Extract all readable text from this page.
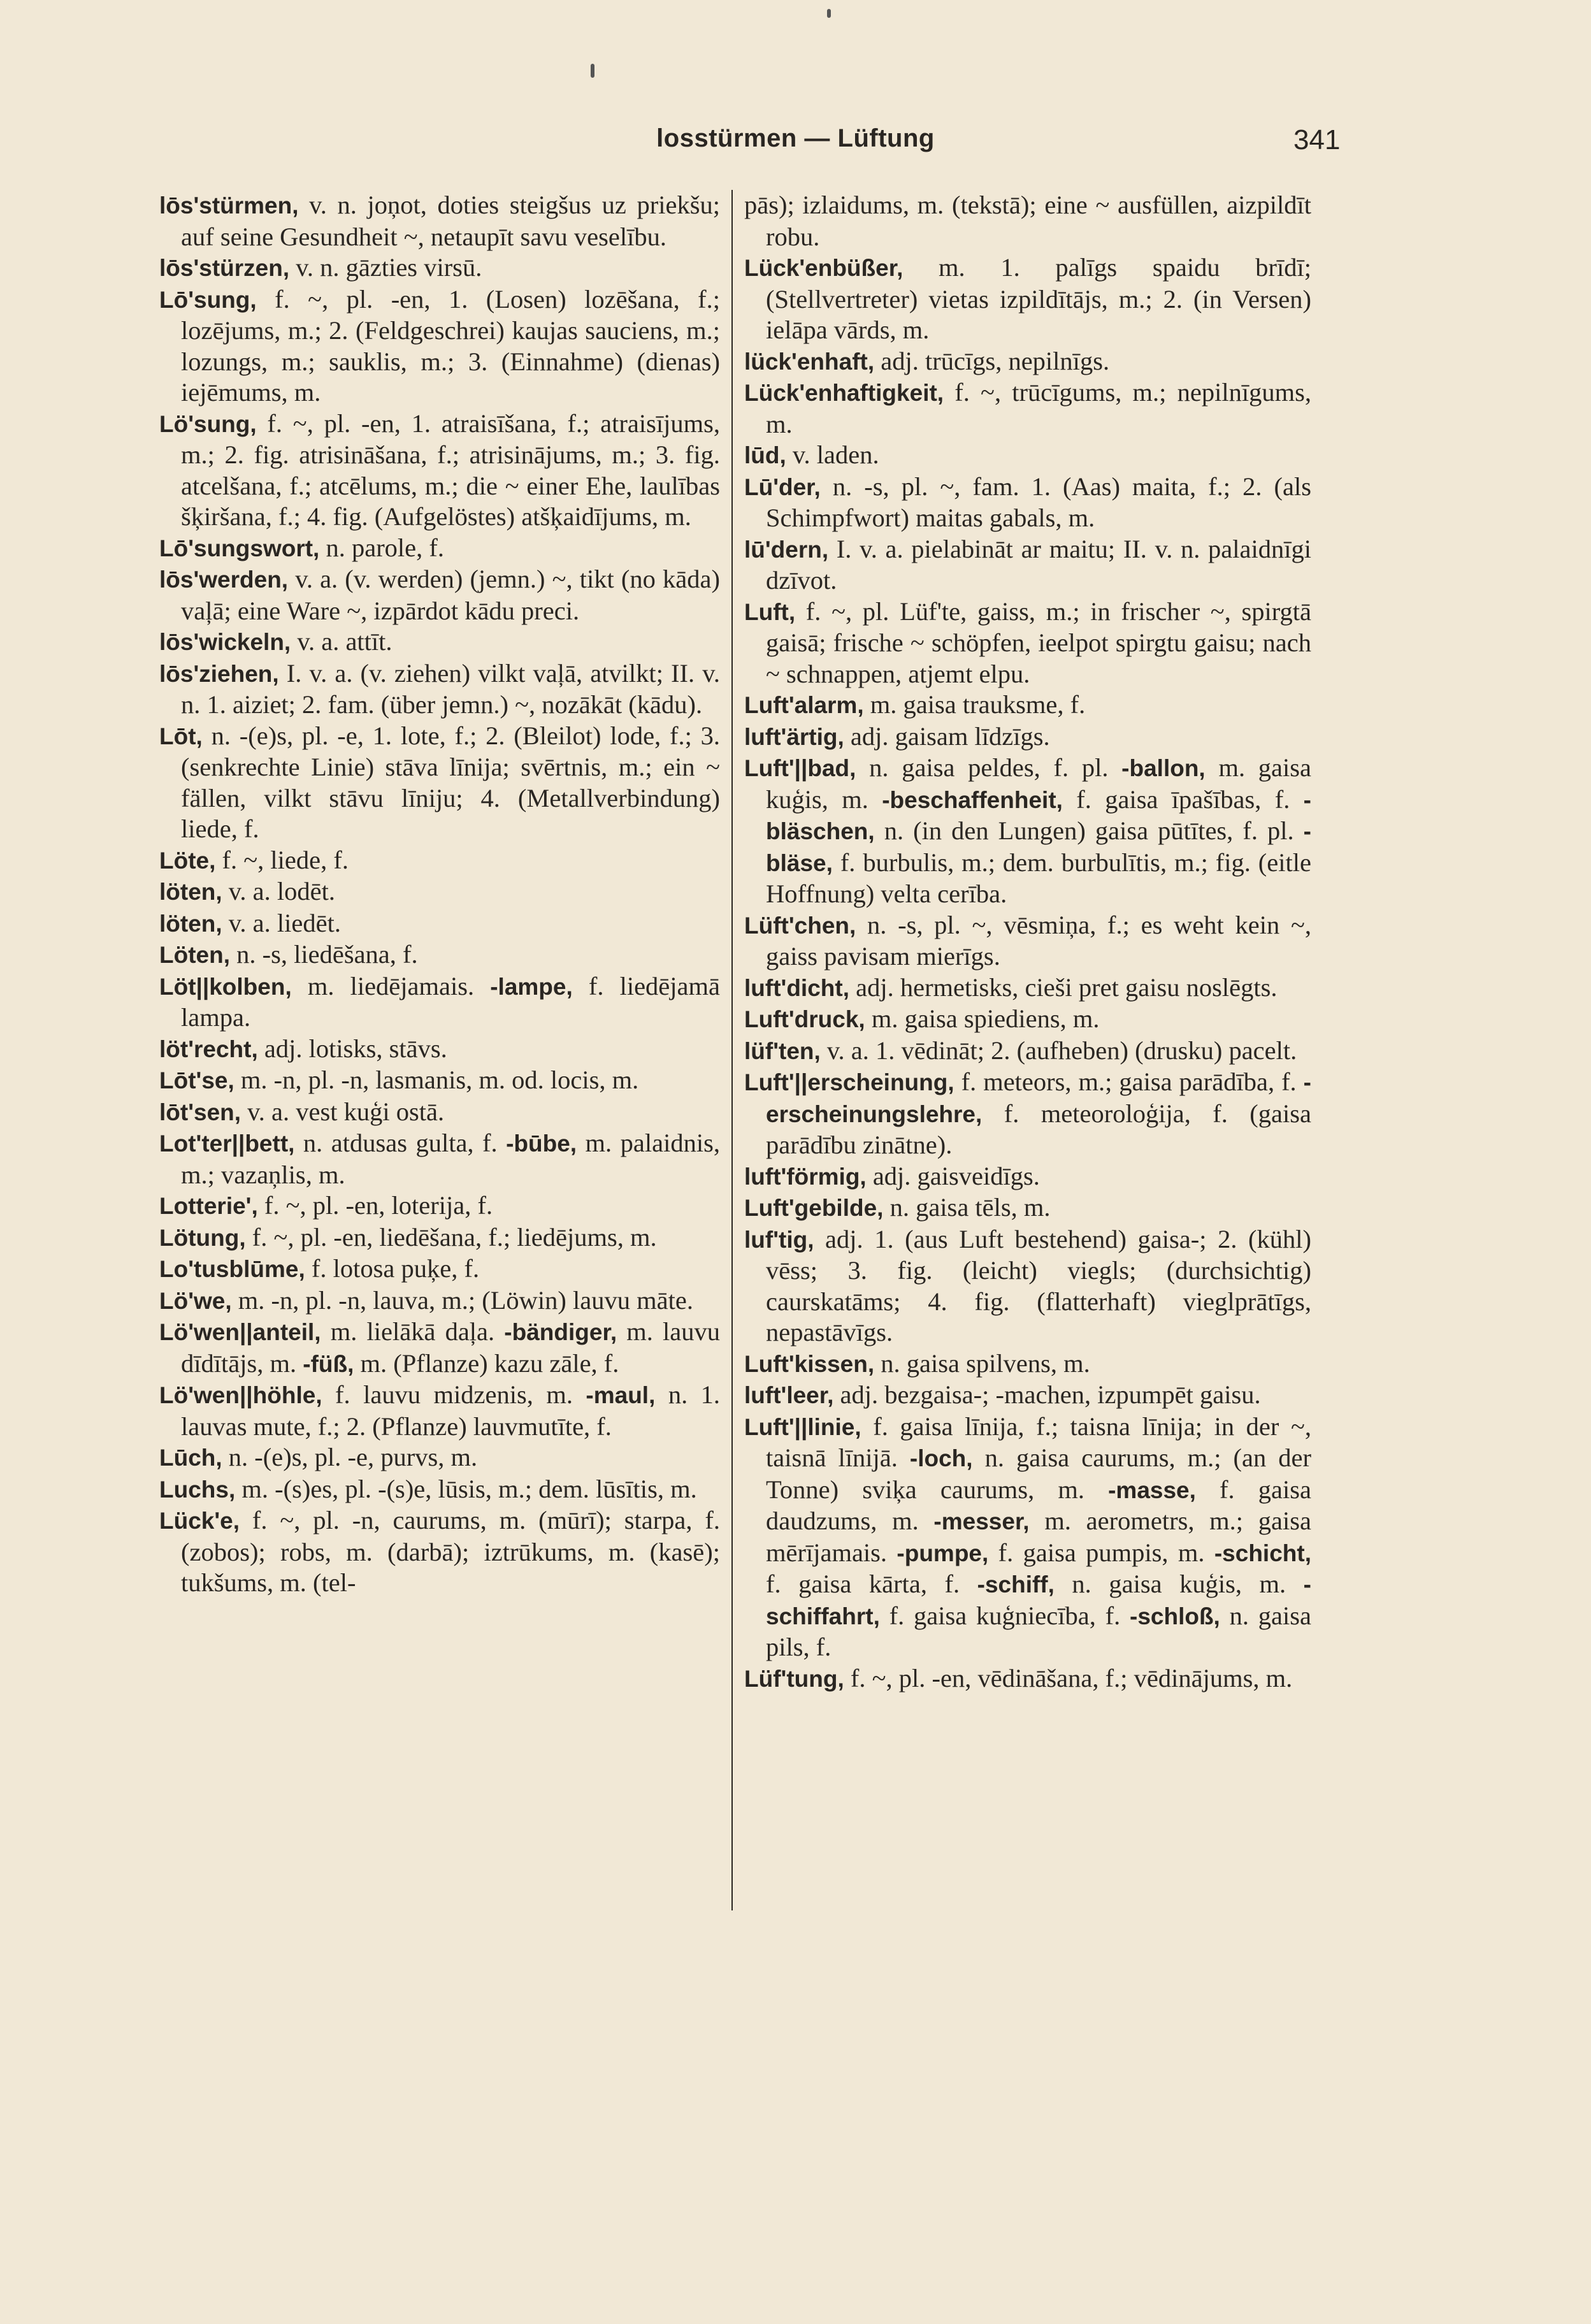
losstürmen — Lüftung	341

lōs'stürmen, v. n. joņot, doties steigšus uz priekšu; auf seine Gesundheit ~, netaupīt savu veselību.

lōs'stürzen, v. n. gāzties virsū.

Lō'sung, f. ~, pl. -en, 1. (Losen) lozēšana, f.; lozējums, m.; 2. (Feldgeschrei) kaujas sauciens, m.; lozungs, m.; sauklis, m.; 3. (Einnahme) (dienas) iejēmums, m.

Lö'sung, f. ~, pl. -en, 1. atraisīšana, f.; atraisījums, m.; 2. fig. atrisināšana, f.; atrisinājums, m.; 3. fig. atcelšana, f.; atcēlums, m.; die ~ einer Ehe, laulības šķiršana, f.; 4. fig. (Aufgelöstes) atšķaidījums, m.

Lō'sungswort, n. parole, f.

lōs'werden, v. a. (v. werden) (jemn.) ~, tikt (no kāda) vaļā; eine Ware ~, izpārdot kādu preci.

lōs'wickeln, v. a. attīt.

lōs'ziehen, I. v. a. (v. ziehen) vilkt vaļā, atvilkt; II. v. n. 1. aiziet; 2. fam. (über jemn.) ~, nozākāt (kādu).

Lōt, n. -(e)s, pl. -e, 1. lote, f.; 2. (Bleilot) lode, f.; 3. (senkrechte Linie) stāva līnija; svērtnis, m.; ein ~ fällen, vilkt stāvu līniju; 4. (Metallverbindung) liede, f.

Löte, f. ~, liede, f.

löten, v. a. lodēt.

löten, v. a. liedēt.

Löten, n. -s, liedēšana, f.

Löt||kolben, m. liedējamais. -lampe, f. liedējamā lampa.

löt'recht, adj. lotisks, stāvs.

Lōt'se, m. -n, pl. -n, lasmanis, m. od. locis, m.

lōt'sen, v. a. vest kuģi ostā.

Lot'ter||bett, n. atdusas gulta, f. -būbe, m. palaidnis, m.; vazaņlis, m.

Lotterie', f. ~, pl. -en, loterija, f.

Lötung, f. ~, pl. -en, liedēšana, f.; liedējums, m.

Lo'tusblūme, f. lotosa puķe, f.

Lö'we, m. -n, pl. -n, lauva, m.; (Löwin) lauvu māte.

Lö'wen||anteil, m. lielākā daļa. -bändiger, m. lauvu dīdītājs, m. -füß, m. (Pflanze) kazu zāle, f.

Lö'wen||höhle, f. lauvu midzenis, m. -maul, n. 1. lauvas mute, f.; 2. (Pflanze) lauvmutīte, f.

Lūch, n. -(e)s, pl. -e, purvs, m.

Luchs, m. -(s)es, pl. -(s)e, lūsis, m.; dem. lūsītis, m.

Lück'e, f. ~, pl. -n, caurums, m. (mūrī); starpa, f. (zobos); robs, m. (darbā); iztrūkums, m. (kasē); tukšums, m. (tel-

pās); izlaidums, m. (tekstā); eine ~ ausfüllen, aizpildīt robu.

Lück'enbüßer, m. 1. palīgs spaidu brīdī; (Stellvertreter) vietas izpildītājs, m.; 2. (in Versen) ielāpa vārds, m.

lück'enhaft, adj. trūcīgs, nepilnīgs.

Lück'enhaftigkeit, f. ~, trūcīgums, m.; nepilnīgums, m.

lūd, v. laden.

Lū'der, n. -s, pl. ~, fam. 1. (Aas) maita, f.; 2. (als Schimpfwort) maitas gabals, m.

lū'dern, I. v. a. pielabināt ar maitu; II. v. n. palaidnīgi dzīvot.

Luft, f. ~, pl. Lüf'te, gaiss, m.; in frischer ~, spirgtā gaisā; frische ~ schöpfen, ieelpot spirgtu gaisu; nach ~ schnappen, atjemt elpu.

Luft'alarm, m. gaisa trauksme, f.

luft'ärtig, adj. gaisam līdzīgs.

Luft'||bad, n. gaisa peldes, f. pl. -ballon, m. gaisa kuģis, m. -beschaffenheit, f. gaisa īpašības, f. -bläschen, n. (in den Lungen) gaisa pūtītes, f. pl. -bläse, f. burbulis, m.; dem. burbulītis, m.; fig. (eitle Hoffnung) velta cerība.

Lüft'chen, n. -s, pl. ~, vēsmiņa, f.; es weht kein ~, gaiss pavisam mierīgs.

luft'dicht, adj. hermetisks, cieši pret gaisu noslēgts.

Luft'druck, m. gaisa spiediens, m.

lüf'ten, v. a. 1. vēdināt; 2. (aufheben) (drusku) pacelt.

Luft'||erscheinung, f. meteors, m.; gaisa parādība, f. -erscheinungslehre, f. meteoroloģija, f. (gaisa parādību zinātne).

luft'förmig, adj. gaisveidīgs.

Luft'gebilde, n. gaisa tēls, m.

luf'tig, adj. 1. (aus Luft bestehend) gaisa-; 2. (kühl) vēss; 3. fig. (leicht) viegls; (durchsichtig) caurskatāms; 4. fig. (flatterhaft) vieglprātīgs, nepastāvīgs.

Luft'kissen, n. gaisa spilvens, m.

luft'leer, adj. bezgaisa-; -machen, izpumpēt gaisu.

Luft'||linie, f. gaisa līnija, f.; taisna līnija; in der ~, taisnā līnijā. -loch, n. gaisa caurums, m.; (an der Tonne) sviķa caurums, m. -masse, f. gaisa daudzums, m. -messer, m. aerometrs, m.; gaisa mērījamais. -pumpe, f. gaisa pumpis, m. -schicht, f. gaisa kārta, f. -schiff, n. gaisa kuģis, m. -schiffahrt, f. gaisa kuģniecība, f. -schloß, n. gaisa pils, f.

Lüf'tung, f. ~, pl. -en, vēdināšana, f.; vēdinājums, m.
